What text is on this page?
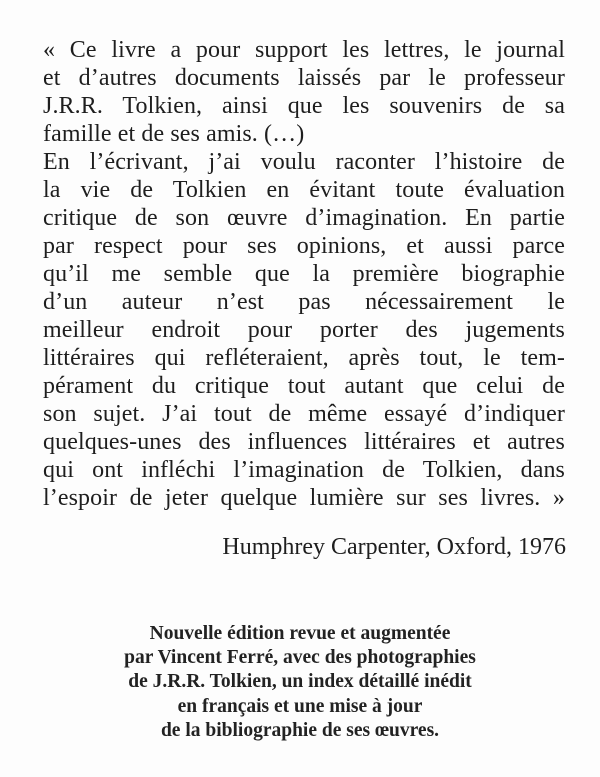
« Ce livre a pour support les lettres, le journal
et d’autres documents laissés par le professeur
J.R.R. Tolkien, ainsi que les souvenirs de sa
famille et de ses amis. (…)
En l’écrivant, j’ai voulu raconter l’histoire de
la vie de Tolkien en évitant toute évaluation
critique de son œuvre d’imagination. En partie
par respect pour ses opinions, et aussi parce
qu’il me semble que la première biographie
d’un auteur n’est pas nécessairement le
meilleur endroit pour porter des jugements
littéraires qui refléteraient, après tout, le tem-
pérament du critique tout autant que celui de
son sujet. J’ai tout de même essayé d’indiquer
quelques-unes des influences littéraires et autres
qui ont infléchi l’imagination de Tolkien, dans
l’espoir de jeter quelque lumière sur ses livres. »
Humphrey Carpenter, Oxford, 1976
Nouvelle édition revue et augmentée
par Vincent Ferré, avec des photographies
de J.R.R. Tolkien, un index détaillé inédit
en français et une mise à jour
de la bibliographie de ses œuvres.
